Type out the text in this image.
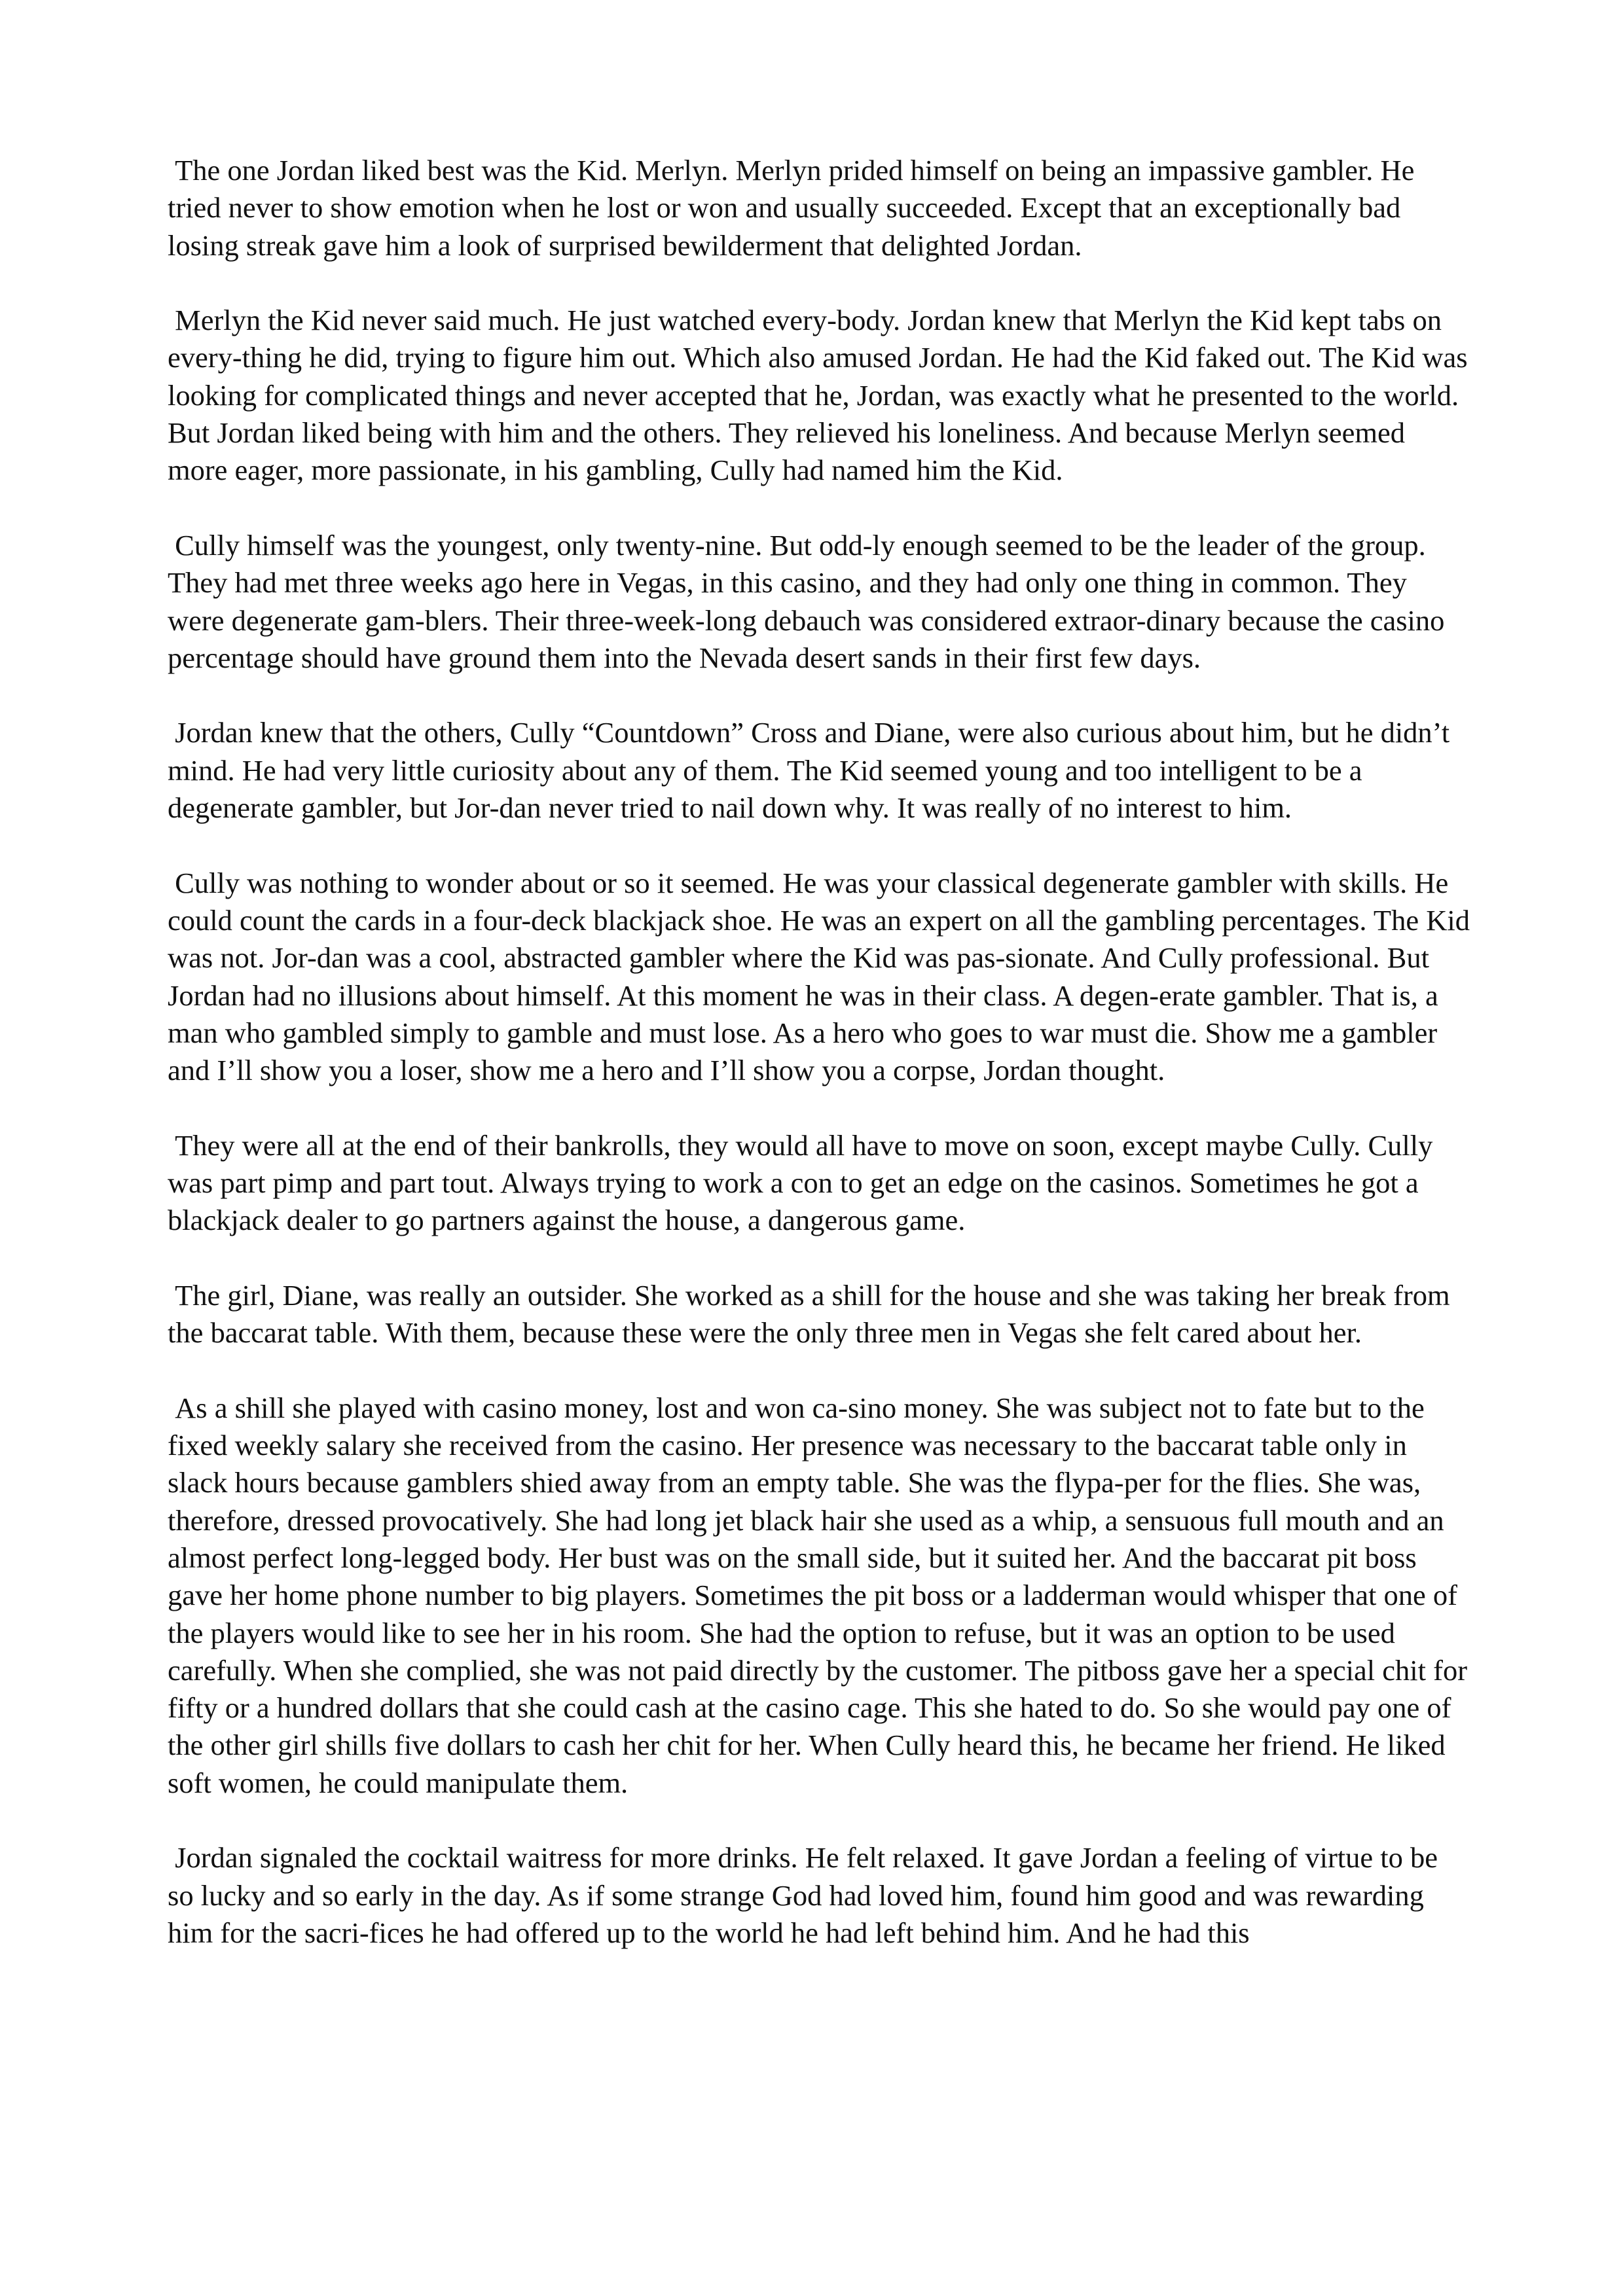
The one Jordan liked best was the Kid. Merlyn. Merlyn prided himself on being an impassive gambler. He tried never to show emotion when he lost or won and usually succeeded. Except that an exceptionally bad losing streak gave him a look of surprised bewilderment that delighted Jordan.

Merlyn the Kid never said much. He just watched every-body. Jordan knew that Merlyn the Kid kept tabs on every-thing he did, trying to figure him out. Which also amused Jordan. He had the Kid faked out. The Kid was looking for complicated things and never accepted that he, Jordan, was exactly what he presented to the world. But Jordan liked being with him and the others. They relieved his loneliness. And because Merlyn seemed more eager, more passionate, in his gambling, Cully had named him the Kid.

Cully himself was the youngest, only twenty-nine. But odd-ly enough seemed to be the leader of the group. They had met three weeks ago here in Vegas, in this casino, and they had only one thing in common. They were degenerate gam-blers. Their three-week-long debauch was considered extraor-dinary because the casino percentage should have ground them into the Nevada desert sands in their first few days.

Jordan knew that the others, Cully “Countdown” Cross and Diane, were also curious about him, but he didn’t mind. He had very little curiosity about any of them. The Kid seemed young and too intelligent to be a degenerate gambler, but Jor-dan never tried to nail down why. It was really of no interest to him.

Cully was nothing to wonder about or so it seemed. He was your classical degenerate gambler with skills. He could count the cards in a four-deck blackjack shoe. He was an expert on all the gambling percentages. The Kid was not. Jor-dan was a cool, abstracted gambler where the Kid was pas-sionate. And Cully professional. But Jordan had no illusions about himself. At this moment he was in their class. A degen-erate gambler. That is, a man who gambled simply to gamble and must lose. As a hero who goes to war must die. Show me a gambler and I’ll show you a loser, show me a hero and I’ll show you a corpse, Jordan thought.

They were all at the end of their bankrolls, they would all have to move on soon, except maybe Cully. Cully was part pimp and part tout. Always trying to work a con to get an edge on the casinos. Sometimes he got a blackjack dealer to go partners against the house, a dangerous game.

The girl, Diane, was really an outsider. She worked as a shill for the house and she was taking her break from the baccarat table. With them, because these were the only three men in Vegas she felt cared about her.

As a shill she played with casino money, lost and won ca-sino money. She was subject not to fate but to the fixed weekly salary she received from the casino. Her presence was necessary to the baccarat table only in slack hours because gamblers shied away from an empty table. She was the flypa-per for the flies. She was, therefore, dressed provocatively. She had long jet black hair she used as a whip, a sensuous full mouth and an almost perfect long-legged body. Her bust was on the small side, but it suited her. And the baccarat pit boss gave her home phone number to big players. Sometimes the pit boss or a ladderman would whisper that one of the players would like to see her in his room. She had the option to refuse, but it was an option to be used carefully. When she complied, she was not paid directly by the customer. The pitboss gave her a special chit for fifty or a hundred dollars that she could cash at the casino cage. This she hated to do. So she would pay one of the other girl shills five dollars to cash her chit for her. When Cully heard this, he became her friend. He liked soft women, he could manipulate them.

Jordan signaled the cocktail waitress for more drinks. He felt relaxed. It gave Jordan a feeling of virtue to be so lucky and so early in the day. As if some strange God had loved him, found him good and was rewarding him for the sacri-fices he had offered up to the world he had left behind him. And he had this
